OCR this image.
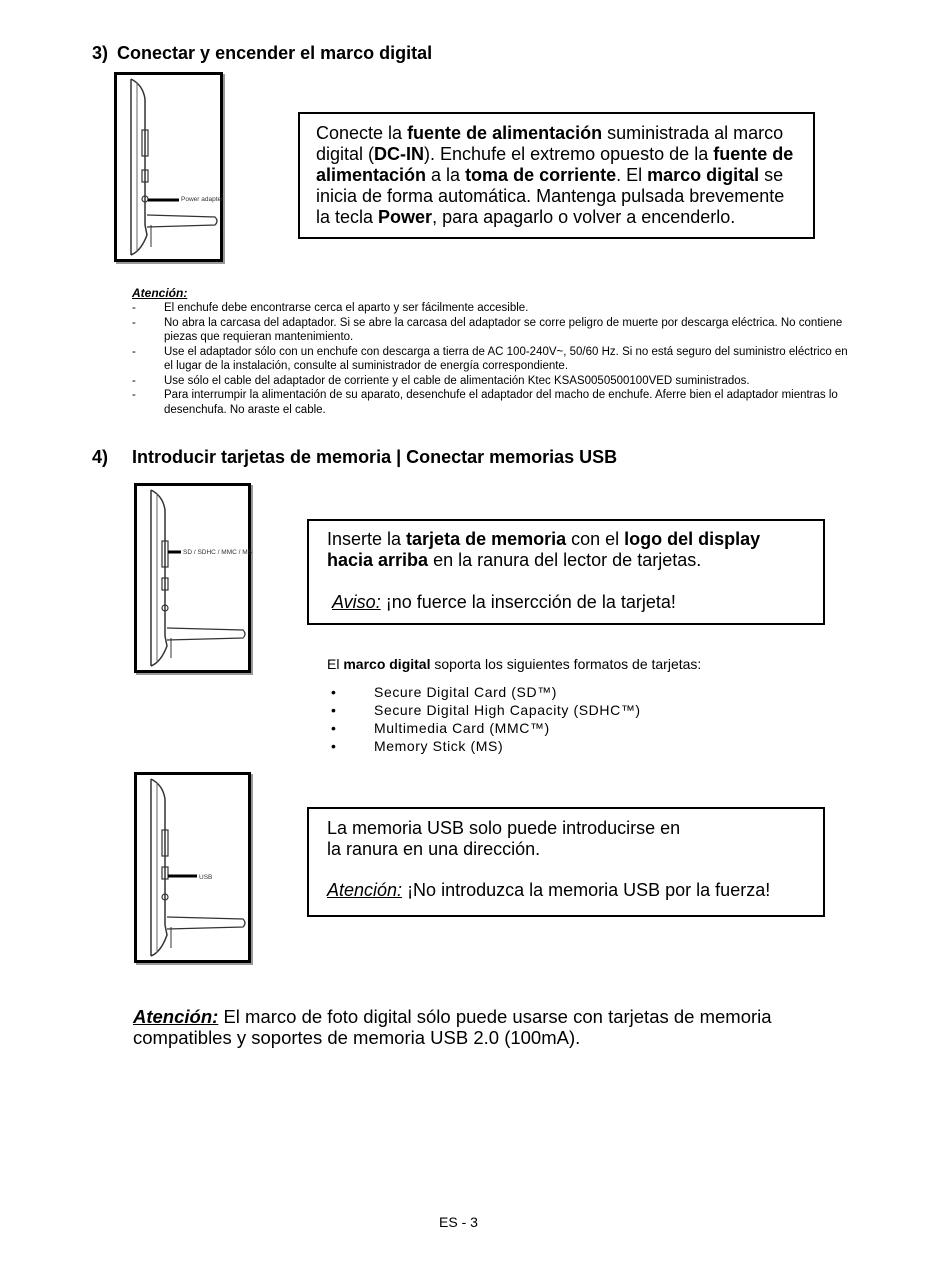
3) Conectar y encender el marco digital
Power adapter
Conecte la fuente de alimentación suministrada al marco digital (DC-IN). Enchufe el extremo opuesto de la fuente de alimentación a la toma de corriente. El marco digital se inicia de forma automática. Mantenga pulsada brevemente la tecla Power, para apagarlo o volver a encenderlo.
Atención:
- El enchufe debe encontrarse cerca el aparto y ser fácilmente accesible.
- No abra la carcasa del adaptador. Si se abre la carcasa del adaptador se corre peligro de muerte por descarga eléctrica. No contiene piezas que requieran mantenimiento.
- Use el adaptador sólo con un enchufe con descarga a tierra de AC 100-240V~, 50/60 Hz. Si no está seguro del suministro eléctrico en el lugar de la instalación, consulte al suministrador de energía correspondiente.
- Use sólo el cable del adaptador de corriente y el cable de alimentación Ktec KSAS0050500100VED suministrados.
- Para interrumpir la alimentación de su aparato, desenchufe el adaptador del macho de enchufe. Aferre bien el adaptador mientras lo desenchufa. No araste el cable.
4) Introducir tarjetas de memoria | Conectar memorias USB
SD / SDHC / MMC / MS
Inserte la tarjeta de memoria con el logo del display hacia arriba en la ranura del lector de tarjetas.
Aviso: ¡no fuerce la insercción de la tarjeta!
El marco digital soporta los siguientes formatos de tarjetas:
•	Secure Digital Card (SD™)
•	Secure Digital High Capacity (SDHC™)
•	Multimedia Card (MMC™)
•	Memory Stick (MS)
USB
La memoria USB solo puede introducirse en
la ranura en una dirección.
Atención: ¡No introduzca la memoria USB por la fuerza!
Atención: El marco de foto digital sólo puede usarse con tarjetas de memoria compatibles y soportes de memoria USB 2.0 (100mA).
ES - 3
